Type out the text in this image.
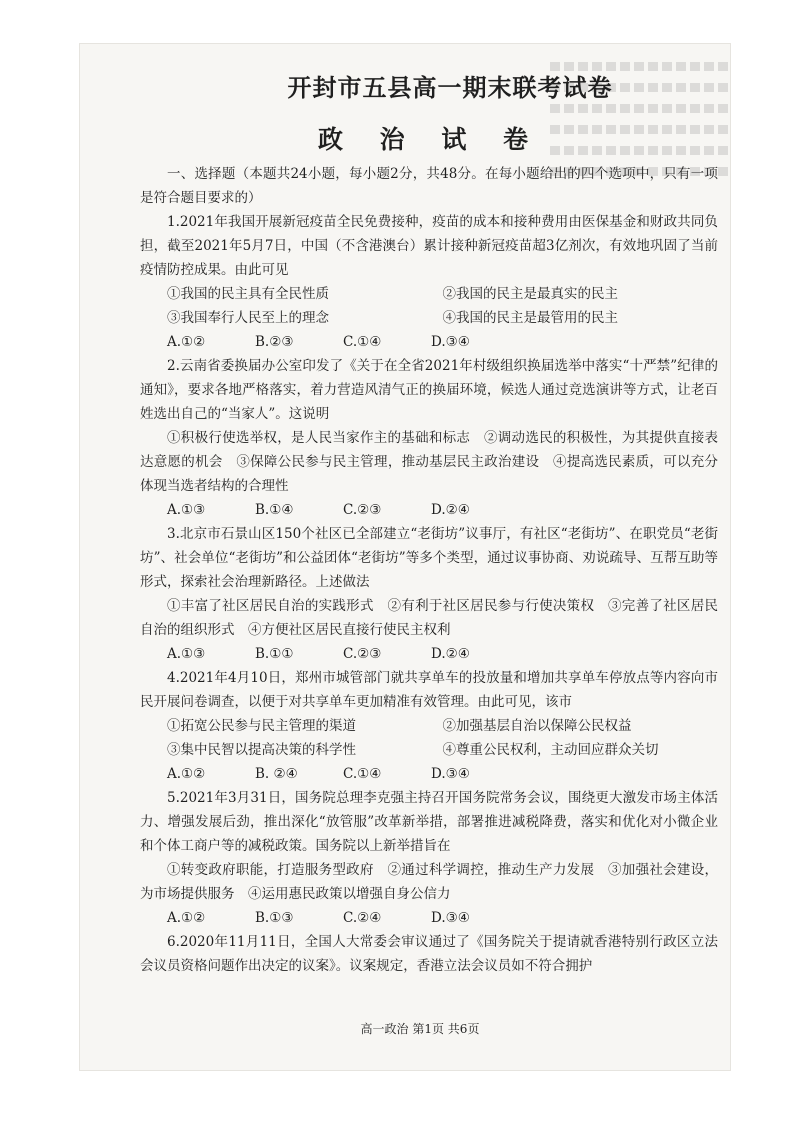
开封市五县高一期末联考试卷
政 治 试 卷

一、选择题（本题共24小题，每小题2分，共48分。在每小题给出的四个选项中，只有一项是符合题目要求的）

1.2021年我国开展新冠疫苗全民免费接种，疫苗的成本和接种费用由医保基金和财政共同负担，截至2021年5月7日，中国（不含港澳台）累计接种新冠疫苗超3亿剂次，有效地巩固了当前疫情防控成果。由此可见

①我国的民主具有全民性质	②我国的民主是最真实的民主
③我国奉行人民至上的理念	④我国的民主是最管用的民主
A.①②	B.②③	C.①④	D.③④

2.云南省委换届办公室印发了《关于在全省2021年村级组织换届选举中落实“十严禁”纪律的通知》，要求各地严格落实，着力营造风清气正的换届环境，候选人通过竞选演讲等方式，让老百姓选出自己的“当家人”。这说明

①积极行使选举权，是人民当家作主的基础和标志　②调动选民的积极性，为其提供直接表达意愿的机会　③保障公民参与民主管理，推动基层民主政治建设　④提高选民素质，可以充分体现当选者结构的合理性

A.①③	B.①④	C.②③	D.②④

3.北京市石景山区150个社区已全部建立“老街坊”议事厅，有社区“老街坊”、在职党员“老街坊”、社会单位“老街坊”和公益团体“老街坊”等多个类型，通过议事协商、劝说疏导、互帮互助等形式，探索社会治理新路径。上述做法

①丰富了社区居民自治的实践形式　②有利于社区居民参与行使决策权　③完善了社区居民自治的组织形式　④方便社区居民直接行使民主权利

A.①③	B.①①	C.②③	D.②④

4.2021年4月10日，郑州市城管部门就共享单车的投放量和增加共享单车停放点等内容向市民开展问卷调查，以便于对共享单车更加精准有效管理。由此可见，该市

①拓宽公民参与民主管理的渠道	②加强基层自治以保障公民权益
③集中民智以提高决策的科学性	④尊重公民权利，主动回应群众关切
A.①②	B. ②④	C.①④	D.③④

5.2021年3月31日，国务院总理李克强主持召开国务院常务会议，围绕更大激发市场主体活力、增强发展后劲，推出深化“放管服”改革新举措，部署推进减税降费，落实和优化对小微企业和个体工商户等的减税政策。国务院以上新举措旨在

①转变政府职能，打造服务型政府　②通过科学调控，推动生产力发展　③加强社会建设，为市场提供服务　④运用惠民政策以增强自身公信力

A.①②	B.①③	C.②④	D.③④

6.2020年11月11日，全国人大常委会审议通过了《国务院关于提请就香港特别行政区立法会议员资格问题作出决定的议案》。议案规定，香港立法会议员如不符合拥护

高一政治 第1页 共6页
